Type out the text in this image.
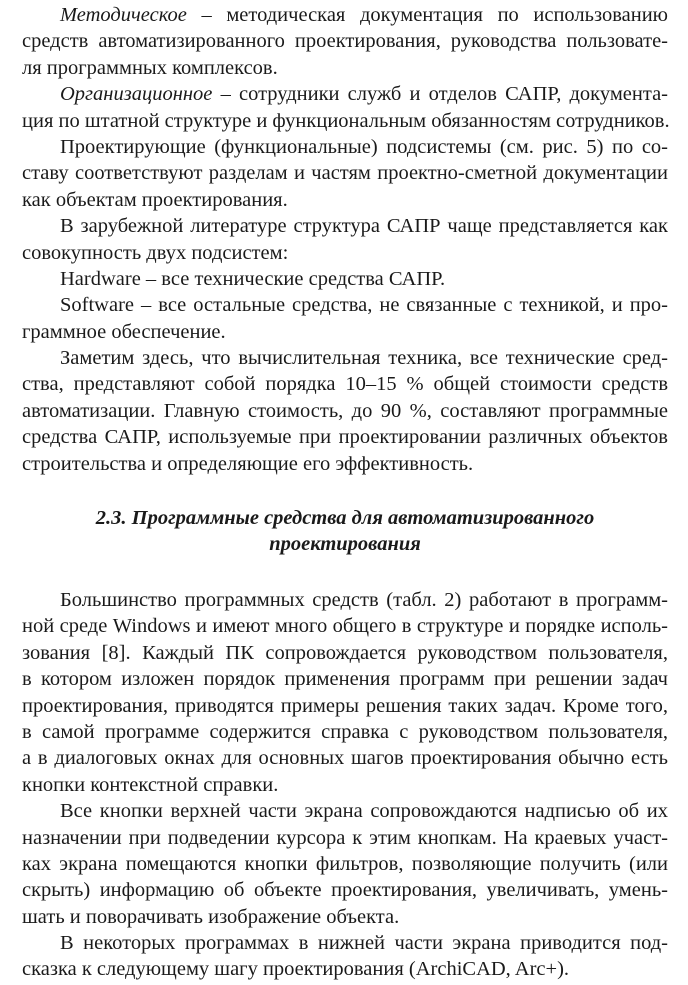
Методическое – методическая документация по использованию
средств автоматизированного проектирования, руководства пользовате-
ля программных комплексов.
Организационное – сотрудники служб и отделов САПР, документа-
ция по штатной структуре и функциональным обязанностям сотрудников.
Проектирующие (функциональные) подсистемы (см. рис. 5) по со-
ставу соответствуют разделам и частям проектно-сметной документации
как объектам проектирования.
В зарубежной литературе структура САПР чаще представляется как
совокупность двух подсистем:
Hardware – все технические средства САПР.
Software – все остальные средства, не связанные с техникой, и про-
граммное обеспечение.
Заметим здесь, что вычислительная техника, все технические сред-
ства, представляют собой порядка 10–15 % общей стоимости средств
автоматизации. Главную стоимость, до 90 %, составляют программные
средства САПР, используемые при проектировании различных объектов
строительства и определяющие его эффективность.
2.3. Программные средства для автоматизированного
проектирования
Большинство программных средств (табл. 2) работают в программ-
ной среде Windows и имеют много общего в структуре и порядке исполь-
зования [8]. Каждый ПК сопровождается руководством пользователя,
в котором изложен порядок применения программ при решении задач
проектирования, приводятся примеры решения таких задач. Кроме того,
в самой программе содержится справка с руководством пользователя,
а в диалоговых окнах для основных шагов проектирования обычно есть
кнопки контекстной справки.
Все кнопки верхней части экрана сопровождаются надписью об их
назначении при подведении курсора к этим кнопкам. На краевых участ-
ках экрана помещаются кнопки фильтров, позволяющие получить (или
скрыть) информацию об объекте проектирования, увеличивать, умень-
шать и поворачивать изображение объекта.
В некоторых программах в нижней части экрана приводится под-
сказка к следующему шагу проектирования (ArchiCAD, Arc+).
